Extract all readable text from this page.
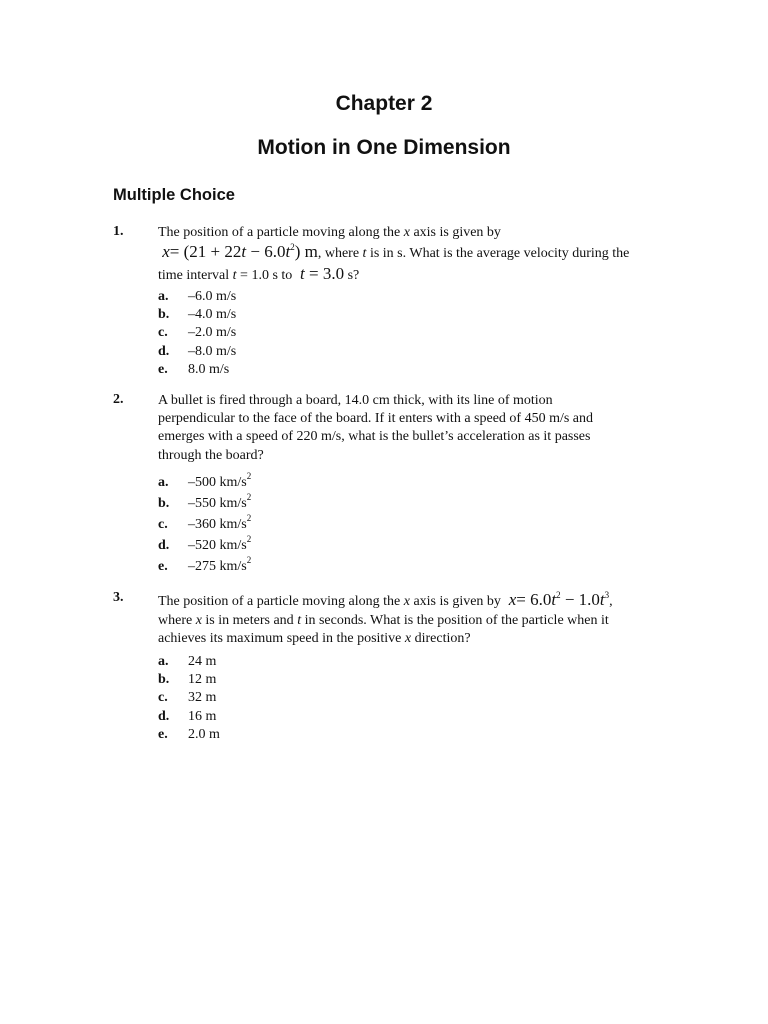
Chapter 2
Motion in One Dimension
Multiple Choice
1. The position of a particle moving along the x axis is given by
$x= (21 + 22t - 6.0t^2)$ m, where t is in s. What is the average velocity during the
time interval t = 1.0 s to t = 3.0 s?
a. –6.0 m/s
b. –4.0 m/s
c. –2.0 m/s
d. –8.0 m/s
e. 8.0 m/s
2. A bullet is fired through a board, 14.0 cm thick, with its line of motion
perpendicular to the face of the board. If it enters with a speed of 450 m/s and
emerges with a speed of 220 m/s, what is the bullet’s acceleration as it passes
through the board?
a. –500 $km/s^2$
b. –550 $km/s^2$
c. –360 $km/s^2$
d. –520 $km/s^2$
e. –275 $km/s^2$
3. The position of a particle moving along the x axis is given by $x= 6.0t^2 - 1.0t^3$,
where x is in meters and t in seconds. What is the position of the particle when it
achieves its maximum speed in the positive x direction?
a. 24 m
b. 12 m
c. 32 m
d. 16 m
e. 2.0 m
